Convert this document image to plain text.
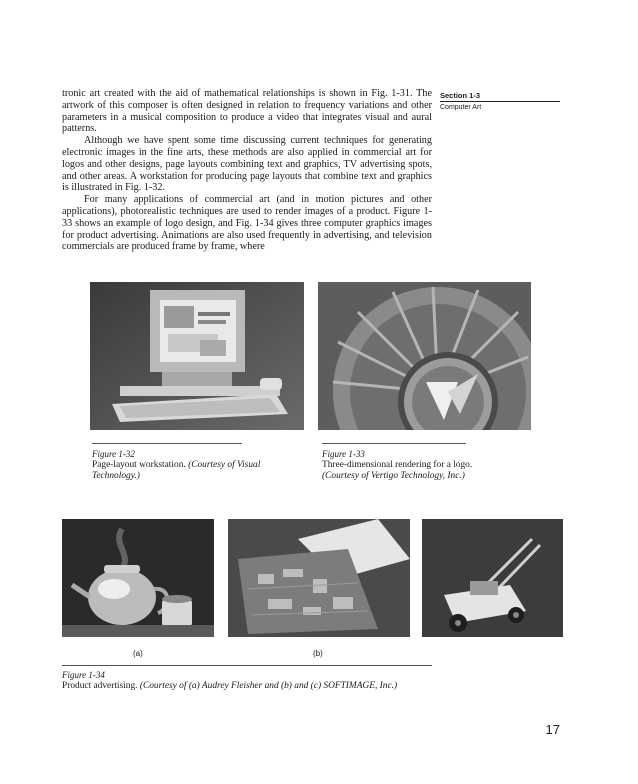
Section 1-3
Computer Art

tronic art created with the aid of mathematical relationships is shown in Fig. 1-31. The artwork of this composer is often designed in relation to frequency variations and other parameters in a musical composition to produce a video that integrates visual and aural patterns.

Although we have spent some time discussing current techniques for generating electronic images in the fine arts, these methods are also applied in commercial art for logos and other designs, page layouts combining text and graphics, TV advertising spots, and other areas. A workstation for producing page layouts that combine text and graphics is illustrated in Fig. 1-32.

For many applications of commercial art (and in motion pictures and other applications), photorealistic techniques are used to render images of a product. Figure 1-33 shows an example of logo design, and Fig. 1-34 gives three computer graphics images for product advertising. Animations are also used frequently in advertising, and television commercials are produced frame by frame, where

Figure 1-32
Page-layout workstation. (Courtesy of Visual Technology.)
Figure 1-33
Three-dimensional rendering for a logo. (Courtesy of Vertigo Technology, Inc.)
(a)	(b)
Figure 1-34
Product advertising. (Courtesy of (a) Audrey Fleisher and (b) and (c) SOFTIMAGE, Inc.)
17
